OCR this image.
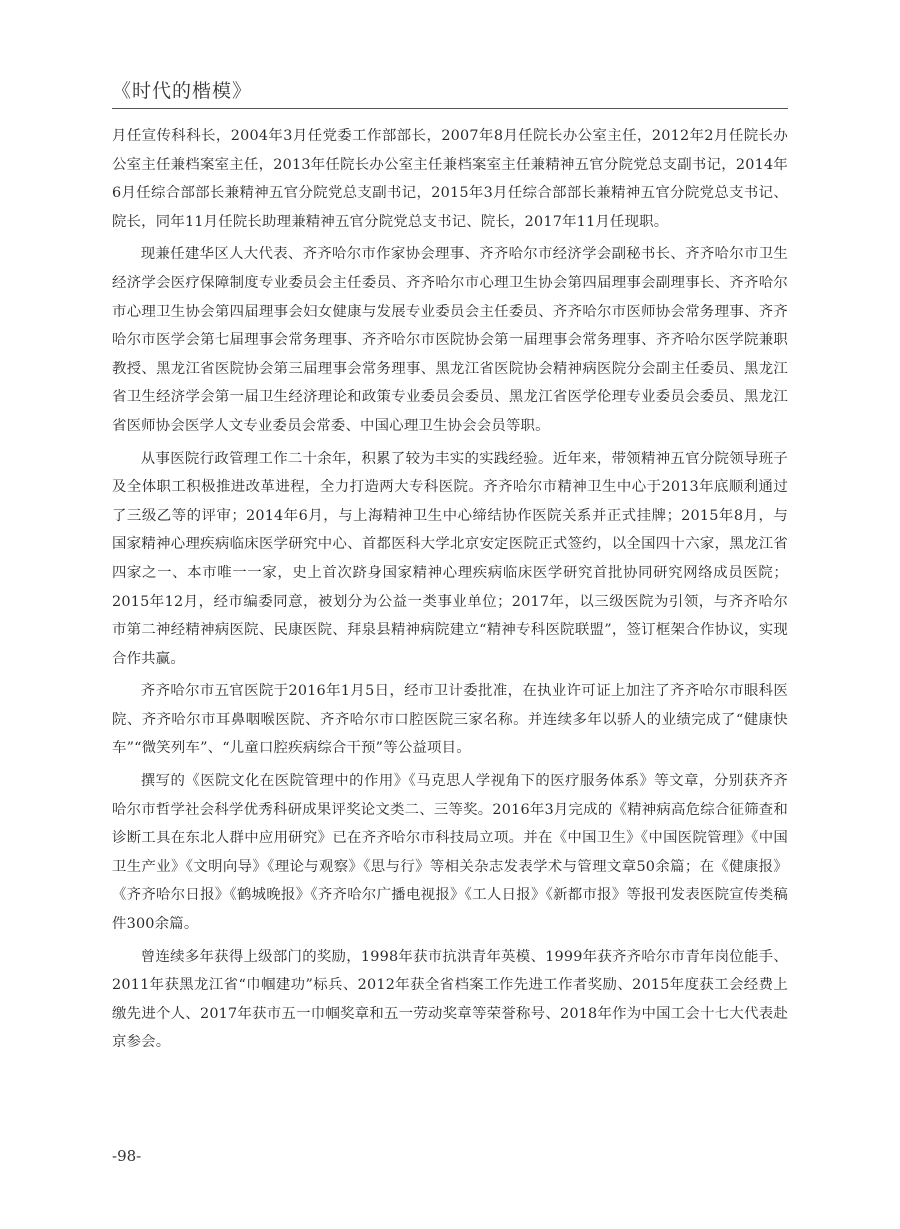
《时代的楷模》

月任宣传科科长，2004年3月任党委工作部部长，2007年8月任院长办公室主任，2012年2月任院长办公室主任兼档案室主任，2013年任院长办公室主任兼档案室主任兼精神五官分院党总支副书记，2014年6月任综合部部长兼精神五官分院党总支副书记，2015年3月任综合部部长兼精神五官分院党总支书记、院长，同年11月任院长助理兼精神五官分院党总支书记、院长，2017年11月任现职。

现兼任建华区人大代表、齐齐哈尔市作家协会理事、齐齐哈尔市经济学会副秘书长、齐齐哈尔市卫生经济学会医疗保障制度专业委员会主任委员、齐齐哈尔市心理卫生协会第四届理事会副理事长、齐齐哈尔市心理卫生协会第四届理事会妇女健康与发展专业委员会主任委员、齐齐哈尔市医师协会常务理事、齐齐哈尔市医学会第七届理事会常务理事、齐齐哈尔市医院协会第一届理事会常务理事、齐齐哈尔医学院兼职教授、黑龙江省医院协会第三届理事会常务理事、黑龙江省医院协会精神病医院分会副主任委员、黑龙江省卫生经济学会第一届卫生经济理论和政策专业委员会委员、黑龙江省医学伦理专业委员会委员、黑龙江省医师协会医学人文专业委员会常委、中国心理卫生协会会员等职。

从事医院行政管理工作二十余年，积累了较为丰实的实践经验。近年来，带领精神五官分院领导班子及全体职工积极推进改革进程，全力打造两大专科医院。齐齐哈尔市精神卫生中心于2013年底顺利通过了三级乙等的评审；2014年6月，与上海精神卫生中心缔结协作医院关系并正式挂牌；2015年8月，与国家精神心理疾病临床医学研究中心、首都医科大学北京安定医院正式签约，以全国四十六家，黑龙江省四家之一、本市唯一一家，史上首次跻身国家精神心理疾病临床医学研究首批协同研究网络成员医院；2015年12月，经市编委同意，被划分为公益一类事业单位；2017年，以三级医院为引领，与齐齐哈尔市第二神经精神病医院、民康医院、拜泉县精神病院建立“精神专科医院联盟”，签订框架合作协议，实现合作共赢。

齐齐哈尔市五官医院于2016年1月5日，经市卫计委批准，在执业许可证上加注了齐齐哈尔市眼科医院、齐齐哈尔市耳鼻咽喉医院、齐齐哈尔市口腔医院三家名称。并连续多年以骄人的业绩完成了“健康快车”“微笑列车”、“儿童口腔疾病综合干预”等公益项目。

撰写的《医院文化在医院管理中的作用》《马克思人学视角下的医疗服务体系》等文章，分别获齐齐哈尔市哲学社会科学优秀科研成果评奖论文类二、三等奖。2016年3月完成的《精神病高危综合征筛查和诊断工具在东北人群中应用研究》已在齐齐哈尔市科技局立项。并在《中国卫生》《中国医院管理》《中国卫生产业》《文明向导》《理论与观察》《思与行》等相关杂志发表学术与管理文章50余篇；在《健康报》《齐齐哈尔日报》《鹤城晚报》《齐齐哈尔广播电视报》《工人日报》《新都市报》等报刊发表医院宣传类稿件300余篇。

曾连续多年获得上级部门的奖励，1998年获市抗洪青年英模、1999年获齐齐哈尔市青年岗位能手、2011年获黑龙江省“巾帼建功”标兵、2012年获全省档案工作先进工作者奖励、2015年度获工会经费上缴先进个人、2017年获市五一巾帼奖章和五一劳动奖章等荣誉称号、2018年作为中国工会十七大代表赴京参会。

-98-
